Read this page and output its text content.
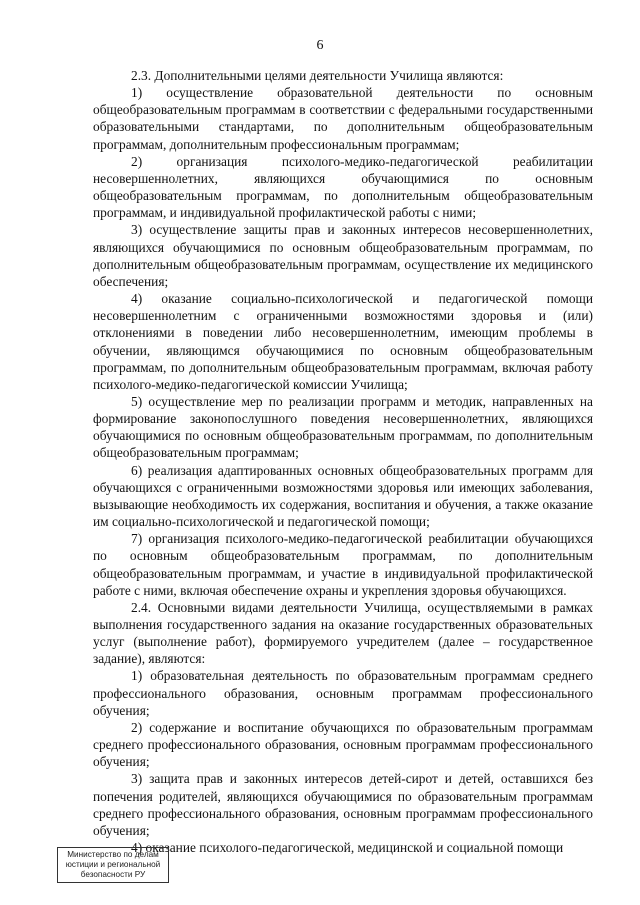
6

2.3. Дополнительными целями деятельности Училища являются:

1) осуществление образовательной деятельности по основным общеобразовательным программам в соответствии с федеральными государственными образовательными стандартами, по дополнительным общеобразовательным программам, дополнительным профессиональным программам;

2) организация психолого-медико-педагогической реабилитации несовершеннолетних, являющихся обучающимися по основным общеобразовательным программам, по дополнительным общеобразовательным программам, и индивидуальной профилактической работы с ними;

3) осуществление защиты прав и законных интересов несовершеннолетних, являющихся обучающимися по основным общеобразовательным программам, по дополнительным общеобразовательным программам, осуществление их медицинского обеспечения;

4) оказание социально-психологической и педагогической помощи несовершеннолетним с ограниченными возможностями здоровья и (или) отклонениями в поведении либо несовершеннолетним, имеющим проблемы в обучении, являющимся обучающимися по основным общеобразовательным программам, по дополнительным общеобразовательным программам, включая работу психолого-медико-педагогической комиссии Училища;

5) осуществление мер по реализации программ и методик, направленных на формирование законопослушного поведения несовершеннолетних, являющихся обучающимися по основным общеобразовательным программам, по дополнительным общеобразовательным программам;

6) реализация адаптированных основных общеобразовательных программ для обучающихся с ограниченными возможностями здоровья или имеющих заболевания, вызывающие необходимость их содержания, воспитания и обучения, а также оказание им социально-психологической и педагогической помощи;

7) организация психолого-медико-педагогической реабилитации обучающихся по основным общеобразовательным программам, по дополнительным общеобразовательным программам, и участие в индивидуальной профилактической работе с ними, включая обеспечение охраны и укрепления здоровья обучающихся.

2.4. Основными видами деятельности Училища, осуществляемыми в рамках выполнения государственного задания на оказание государственных образовательных услуг (выполнение работ), формируемого учредителем (далее – государственное задание), являются:

1) образовательная деятельность по образовательным программам среднего профессионального образования, основным программам профессионального обучения;

2) содержание и воспитание обучающихся по образовательным программам среднего профессионального образования, основным программам профессионального обучения;

3) защита прав и законных интересов детей-сирот и детей, оставшихся без попечения родителей, являющихся обучающимися по образовательным программам среднего профессионального образования, основным программам профессионального обучения;

4) оказание психолого-педагогической, медицинской и социальной помощи

Министерство по делам
юстиции и региональной
безопасности РУ
